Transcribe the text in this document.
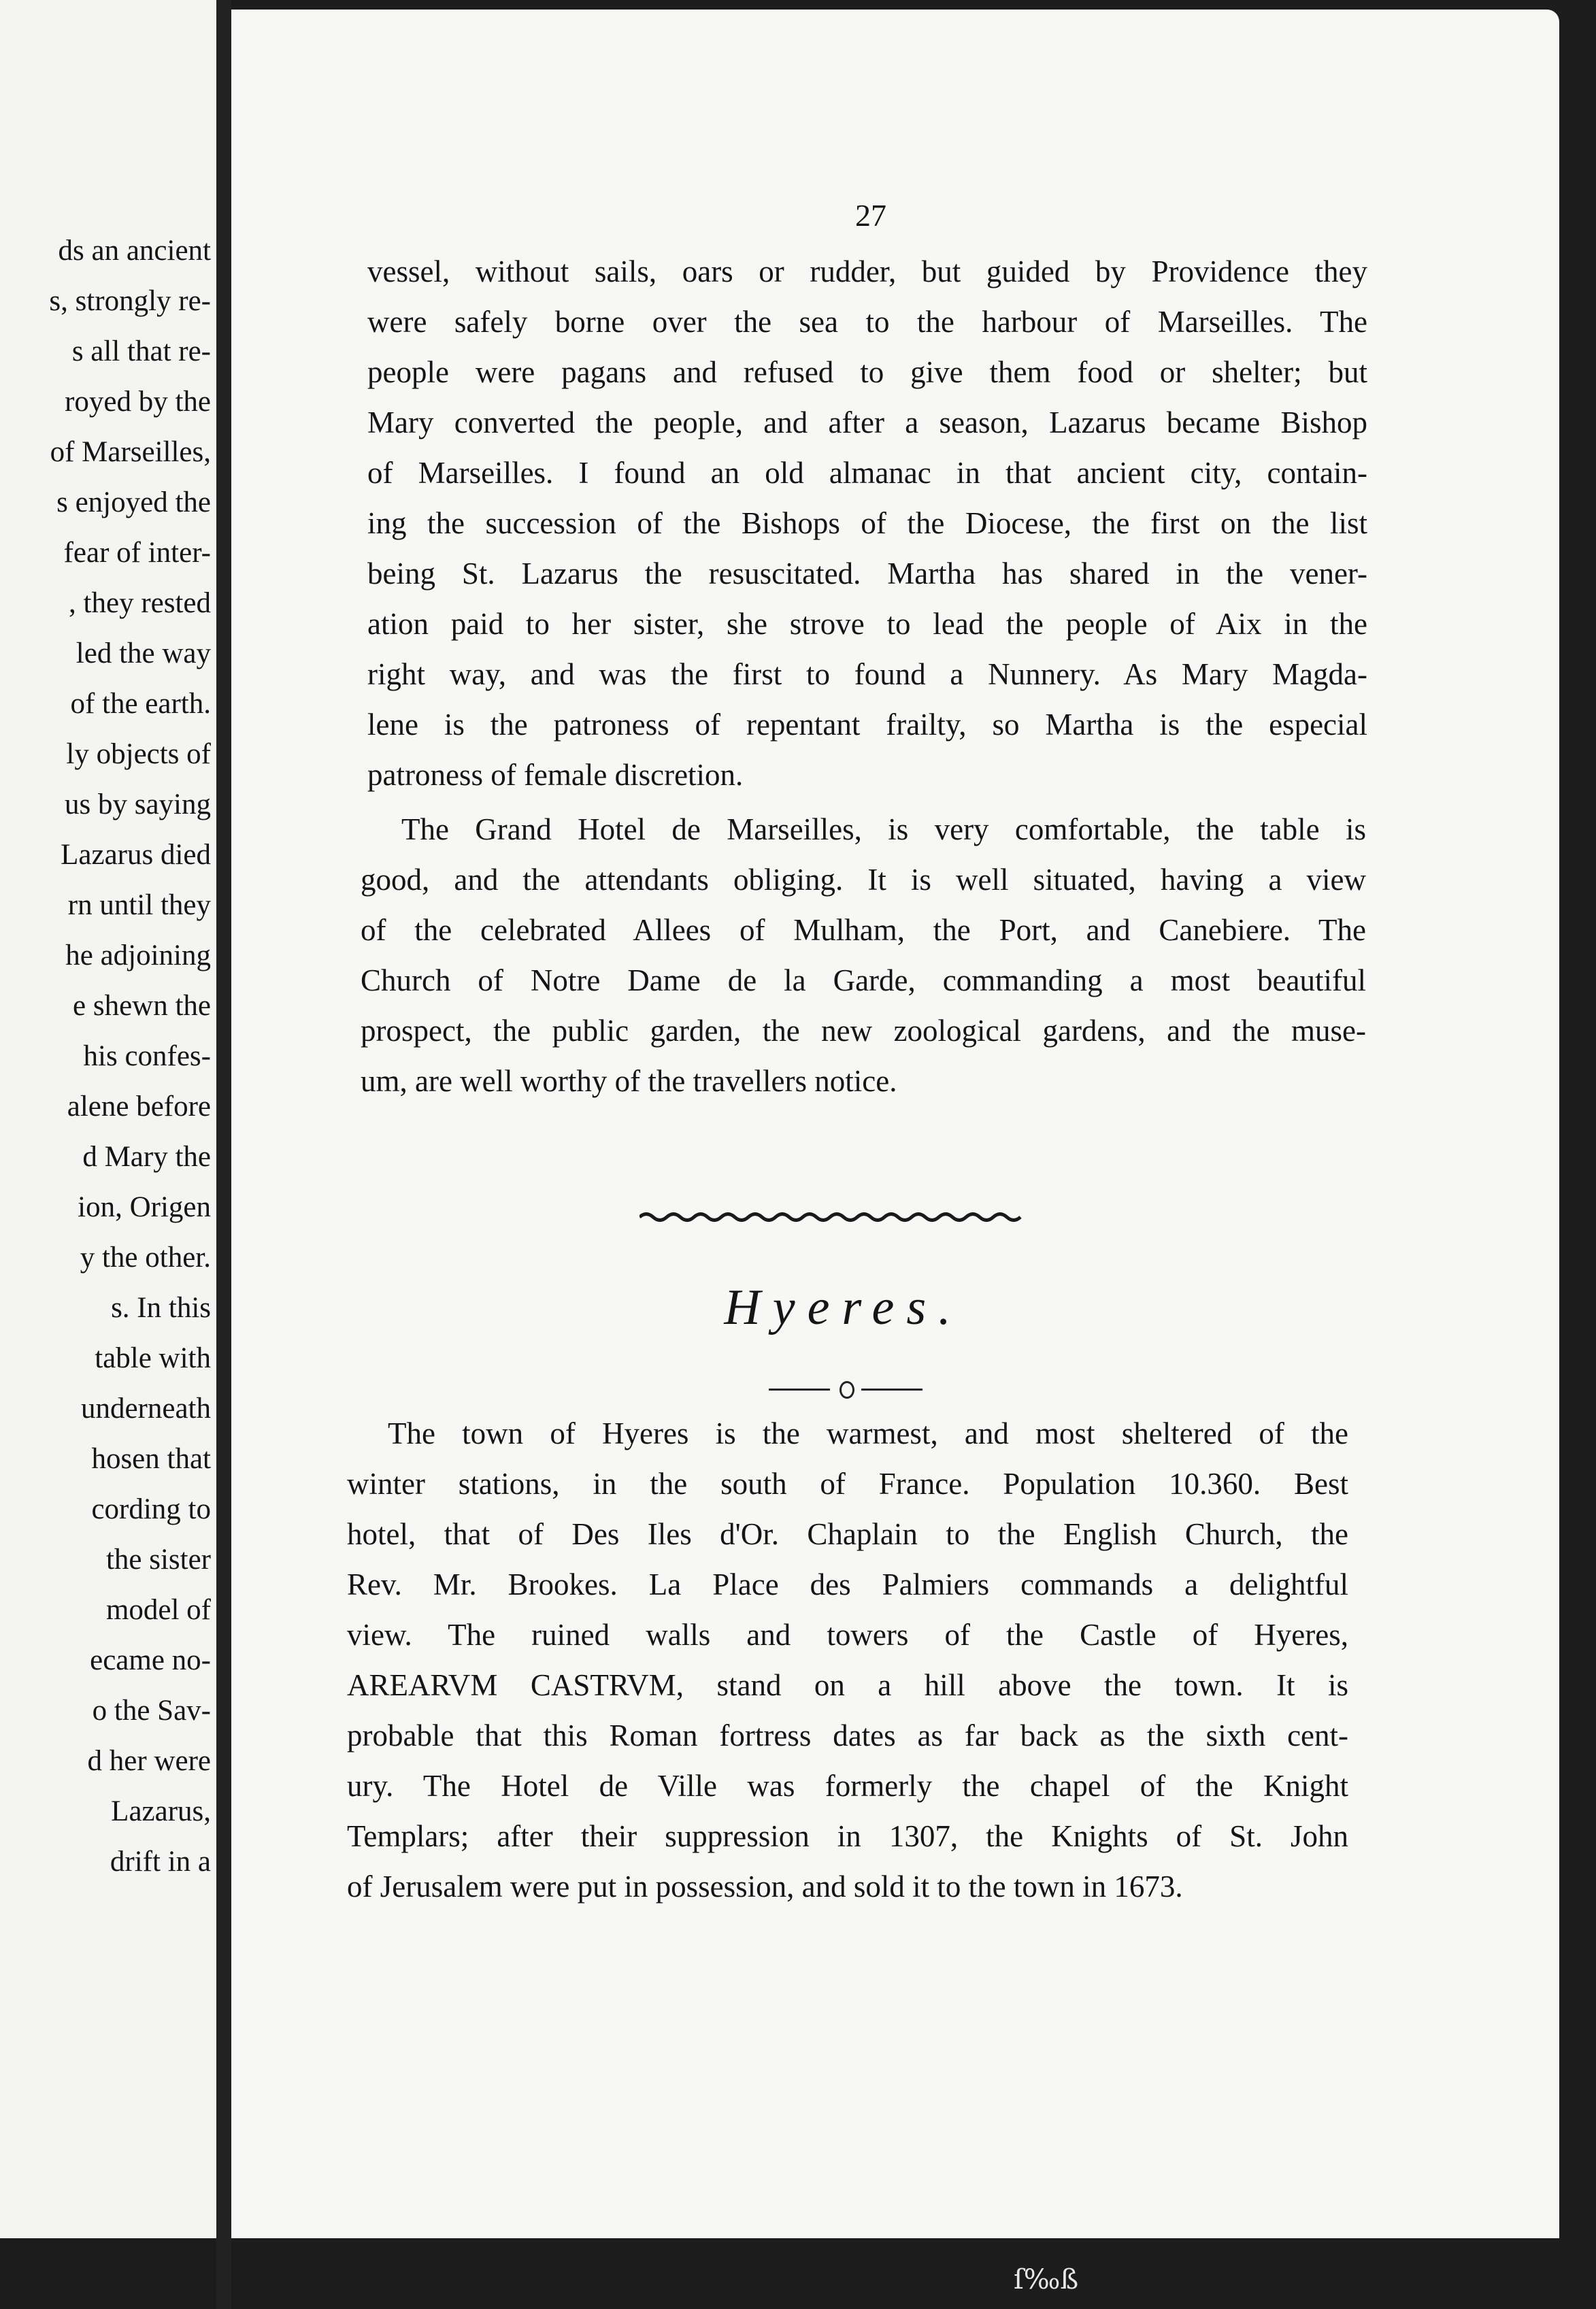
ds an ancient
s, strongly re-
s all that re-
royed by the
of Marseilles,
s enjoyed the
fear of inter-
, they rested
led the way
of the earth.
ly objects of
us by saying
Lazarus died
rn until they
he adjoining
e shewn the
his confes-
alene before
d Mary the
ion, Origen
y the other.
s. In this
table with
underneath
hosen that
cording to
the sister
model of
ecame no-
o the Sav-
d her were
Lazarus,
drift in a
27
vessel, without sails, oars or rudder, but guided by Providence they
were safely borne over the sea to the harbour of Marseilles. The
people were pagans and refused to give them food or shelter; but
Mary converted the people, and after a season, Lazarus became Bishop
of Marseilles. I found an old almanac in that ancient city, contain-
ing the succession of the Bishops of the Diocese, the first on the list
being St. Lazarus the resuscitated. Martha has shared in the vener-
ation paid to her sister, she strove to lead the people of Aix in the
right way, and was the first to found a Nunnery. As Mary Magda-
lene is the patroness of repentant frailty, so Martha is the especial
patroness of female discretion.
The Grand Hotel de Marseilles, is very comfortable, the table is
good, and the attendants obliging. It is well situated, having a view
of the celebrated Allees of Mulham, the Port, and Canebiere. The
Church of Notre Dame de la Garde, commanding a most beautiful
prospect, the public garden, the new zoological gardens, and the muse-
um, are well worthy of the travellers notice.
Hyeres.
The town of Hyeres is the warmest, and most sheltered of the
winter stations, in the south of France. Population 10.360. Best
hotel, that of Des Iles d'Or. Chaplain to the English Church, the
Rev. Mr. Brookes. La Place des Palmiers commands a delightful
view. The ruined walls and towers of the Castle of Hyeres,
AREARVM CASTRVM, stand on a hill above the town. It is
probable that this Roman fortress dates as far back as the sixth cent-
ury. The Hotel de Ville was formerly the chapel of the Knight
Templars; after their suppression in 1307, the Knights of St. John
of Jerusalem were put in possession, and sold it to the town in 1673.
ſ‰ß
